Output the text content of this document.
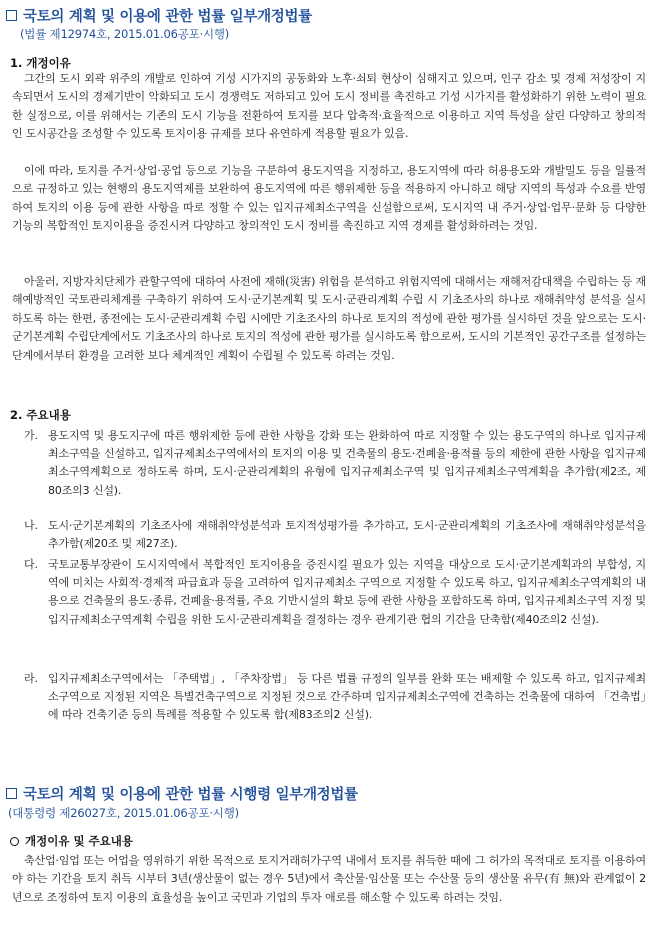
국토의 계획 및 이용에 관한 법률 일부개정법률
(법률 제12974호, 2015.01.06공포·시행)
1. 개정이유

그간의 도시 외곽 위주의 개발로 인하여 기성 시가지의 공동화와 노후·쇠퇴 현상이 심해지고 있으며, 인구 감소 및 경제 저성장이 지속되면서 도시의 경제기반이 악화되고 도시 경쟁력도 저하되고 있어 도시 정비를 촉진하고 기성 시가지를 활성화하기 위한 노력이 필요한 실정으로, 이를 위해서는 기존의 도시 기능을 전환하여 토지를 보다 압축적·효율적으로 이용하고 지역 특성을 살린 다양하고 창의적인 도시공간을 조성할 수 있도록 토지이용 규제를 보다 유연하게 적용할 필요가 있음.

이에 따라, 토지를 주거·상업·공업 등으로 기능을 구분하여 용도지역을 지정하고, 용도지역에 따라 허용용도와 개발밀도 등을 일률적으로 규정하고 있는 현행의 용도지역제를 보완하여 용도지역에 따른 행위제한 등을 적용하지 아니하고 해당 지역의 특성과 수요를 반영하여 토지의 이용 등에 관한 사항을 따로 정할 수 있는 입지규제최소구역을 신설함으로써, 도시지역 내 주거·상업·업무·문화 등 다양한 기능의 복합적인 토지이용을 증진시켜 다양하고 창의적인 도시 정비를 촉진하고 지역 경제를 활성화하려는 것임.

아울러, 지방자치단체가 관할구역에 대하여 사전에 재해(災害) 위험을 분석하고 위험지역에 대해서는 재해저감대책을 수립하는 등 재해예방적인 국토관리체계를 구축하기 위하여 도시·군기본계획 및 도시·군관리계획 수립 시 기초조사의 하나로 재해취약성 분석을 실시하도록 하는 한편, 종전에는 도시·군관리계획 수립 시에만 기초조사의 하나로 토지의 적성에 관한 평가를 실시하던 것을 앞으로는 도시·군기본계획 수립단계에서도 기초조사의 하나로 토지의 적성에 관한 평가를 실시하도록 함으로써, 도시의 기본적인 공간구조를 설정하는 단계에서부터 환경을 고려한 보다 체계적인 계획이 수립될 수 있도록 하려는 것임.

2. 주요내용
가. 용도지역 및 용도지구에 따른 행위제한 등에 관한 사항을 강화 또는 완화하여 따로 지정할 수 있는 용도구역의 하나로 입지규제최소구역을 신설하고, 입지규제최소구역에서의 토지의 이용 및 건축물의 용도·건폐율·용적률 등의 제한에 관한 사항을 입지규제최소구역계획으로 정하도록 하며, 도시·군관리계획의 유형에 입지규제최소구역 및 입지규제최소구역계획을 추가함(제2조, 제80조의3 신설).
나. 도시·군기본계획의 기초조사에 재해취약성분석과 토지적성평가를 추가하고, 도시·군관리계획의 기초조사에 재해취약성분석을 추가함(제20조 및 제27조).
다. 국토교통부장관이 도시지역에서 복합적인 토지이용을 증진시킬 필요가 있는 지역을 대상으로 도시·군기본계획과의 부합성, 지역에 미치는 사회적·경제적 파급효과 등을 고려하여 입지규제최소 구역으로 지정할 수 있도록 하고, 입지규제최소구역계획의 내용으로 건축물의 용도·종류, 건폐율·용적률, 주요 기반시설의 확보 등에 관한 사항을 포함하도록 하며, 입지규제최소구역 지정 및 입지규제최소구역계획 수립을 위한 도시·군관리계획을 결정하는 경우 관계기관 협의 기간을 단축함(제40조의2 신설).
라. 입지규제최소구역에서는 「주택법」, 「주차장법」 등 다른 법률 규정의 일부를 완화 또는 배제할 수 있도록 하고, 입지규제최소구역으로 지정된 지역은 특별건축구역으로 지정된 것으로 간주하며 입지규제최소구역에 건축하는 건축물에 대하여 「건축법」에 따라 건축기준 등의 특례를 적용할 수 있도록 함(제83조의2 신설).
국토의 계획 및 이용에 관한 법률 시행령 일부개정법률
(대통령령 제26027호, 2015.01.06공포·시행)
개정이유 및 주요내용

축산업·임업 또는 어업을 영위하기 위한 목적으로 토지거래허가구역 내에서 토지를 취득한 때에 그 허가의 목적대로 토지를 이용하여야 하는 기간을 토지 취득 시부터 3년(생산물이 없는 경우 5년)에서 축산물·임산물 또는 수산물 등의 생산물 유무(有 無)와 관계없이 2년으로 조정하여 토지 이용의 효율성을 높이고 국민과 기업의 투자 애로를 해소할 수 있도록 하려는 것임.
